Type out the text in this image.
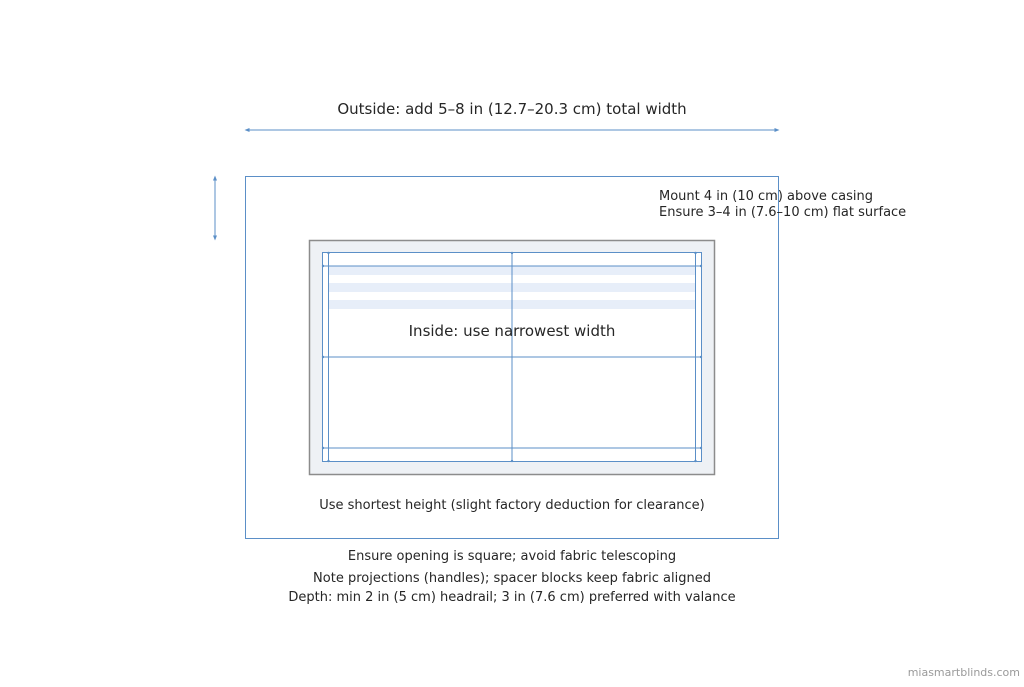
Outside: add 5–8 in (12.7–20.3 cm) total width
Mount 4 in (10 cm) above casing
Ensure 3–4 in (7.6–10 cm) flat surface
Inside: use narrowest width
Use shortest height (slight factory deduction for clearance)
Ensure opening is square; avoid fabric telescoping
Note projections (handles); spacer blocks keep fabric aligned
Depth: min 2 in (5 cm) headrail; 3 in (7.6 cm) preferred with valance
miasmartblinds.com
